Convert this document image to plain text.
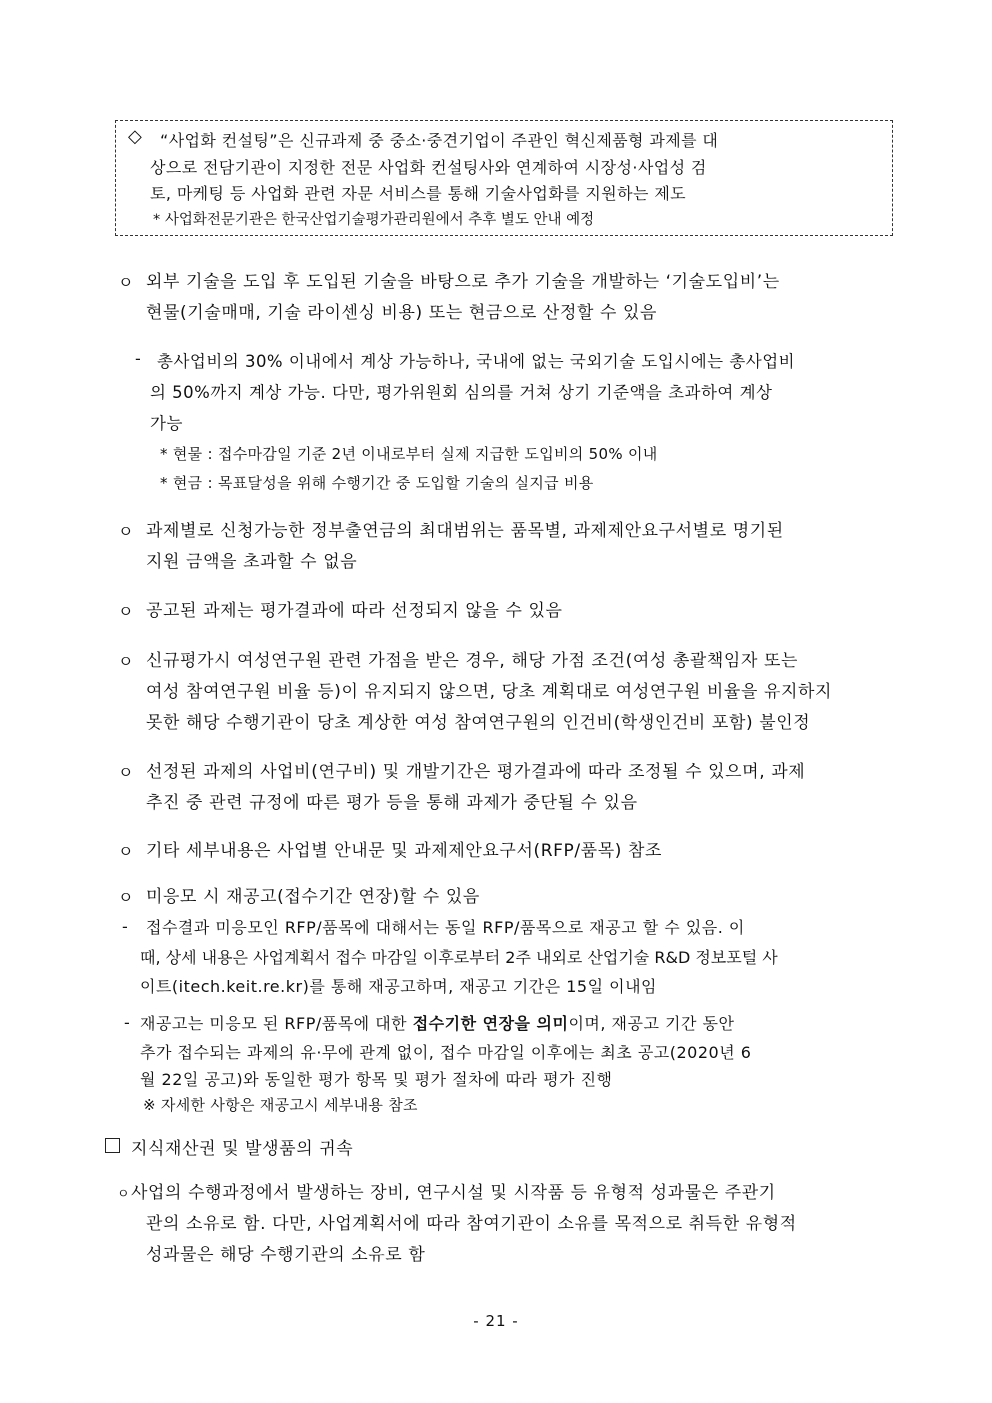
◇ “사업화 컨설팅”은 신규과제 중 중소·중견기업이 주관인 혁신제품형 과제를 대
상으로 전담기관이 지정한 전문 사업화 컨설팅사와 연계하여 시장성·사업성 검
토, 마케팅 등 사업화 관련 자문 서비스를 통해 기술사업화를 지원하는 제도
* 사업화전문기관은 한국산업기술평가관리원에서 추후 별도 안내 예정
ㅇ 외부 기술을 도입 후 도입된 기술을 바탕으로 추가 기술을 개발하는 ‘기술도입비’는
현물(기술매매, 기술 라이센싱 비용) 또는 현금으로 산정할 수 있음
- 총사업비의 30% 이내에서 계상 가능하나, 국내에 없는 국외기술 도입시에는 총사업비
의 50%까지 계상 가능. 다만, 평가위원회 심의를 거쳐 상기 기준액을 초과하여 계상
가능
* 현물 : 접수마감일 기준 2년 이내로부터 실제 지급한 도입비의 50% 이내
* 현금 : 목표달성을 위해 수행기간 중 도입할 기술의 실지급 비용
ㅇ 과제별로 신청가능한 정부출연금의 최대범위는 품목별, 과제제안요구서별로 명기된
지원 금액을 초과할 수 없음
ㅇ 공고된 과제는 평가결과에 따라 선정되지 않을 수 있음
ㅇ 신규평가시 여성연구원 관련 가점을 받은 경우, 해당 가점 조건(여성 총괄책임자 또는
여성 참여연구원 비율 등)이 유지되지 않으면, 당초 계획대로 여성연구원 비율을 유지하지
못한 해당 수행기관이 당초 계상한 여성 참여연구원의 인건비(학생인건비 포함) 불인정
ㅇ 선정된 과제의 사업비(연구비) 및 개발기간은 평가결과에 따라 조정될 수 있으며, 과제
추진 중 관련 규정에 따른 평가 등을 통해 과제가 중단될 수 있음
ㅇ 기타 세부내용은 사업별 안내문 및 과제제안요구서(RFP/품목) 참조
ㅇ 미응모 시 재공고(접수기간 연장)할 수 있음
- 접수결과 미응모인 RFP/품목에 대해서는 동일 RFP/품목으로 재공고 할 수 있음. 이
때, 상세 내용은 사업계획서 접수 마감일 이후로부터 2주 내외로 산업기술 R&D 정보포털 사
이트(itech.keit.re.kr)를 통해 재공고하며, 재공고 기간은 15일 이내임
- 재공고는 미응모 된 RFP/품목에 대한 접수기한 연장을 의미이며, 재공고 기간 동안
추가 접수되는 과제의 유·무에 관계 없이, 접수 마감일 이후에는 최초 공고(2020년 6
월 22일 공고)와 동일한 평가 항목 및 평가 절차에 따라 평가 진행
※ 자세한 사항은 재공고시 세부내용 참조
지식재산권 및 발생품의 귀속
ㅇ 사업의 수행과정에서 발생하는 장비, 연구시설 및 시작품 등 유형적 성과물은 주관기
관의 소유로 함. 다만, 사업계획서에 따라 참여기관이 소유를 목적으로 취득한 유형적
성과물은 해당 수행기관의 소유로 함
- 21 -
